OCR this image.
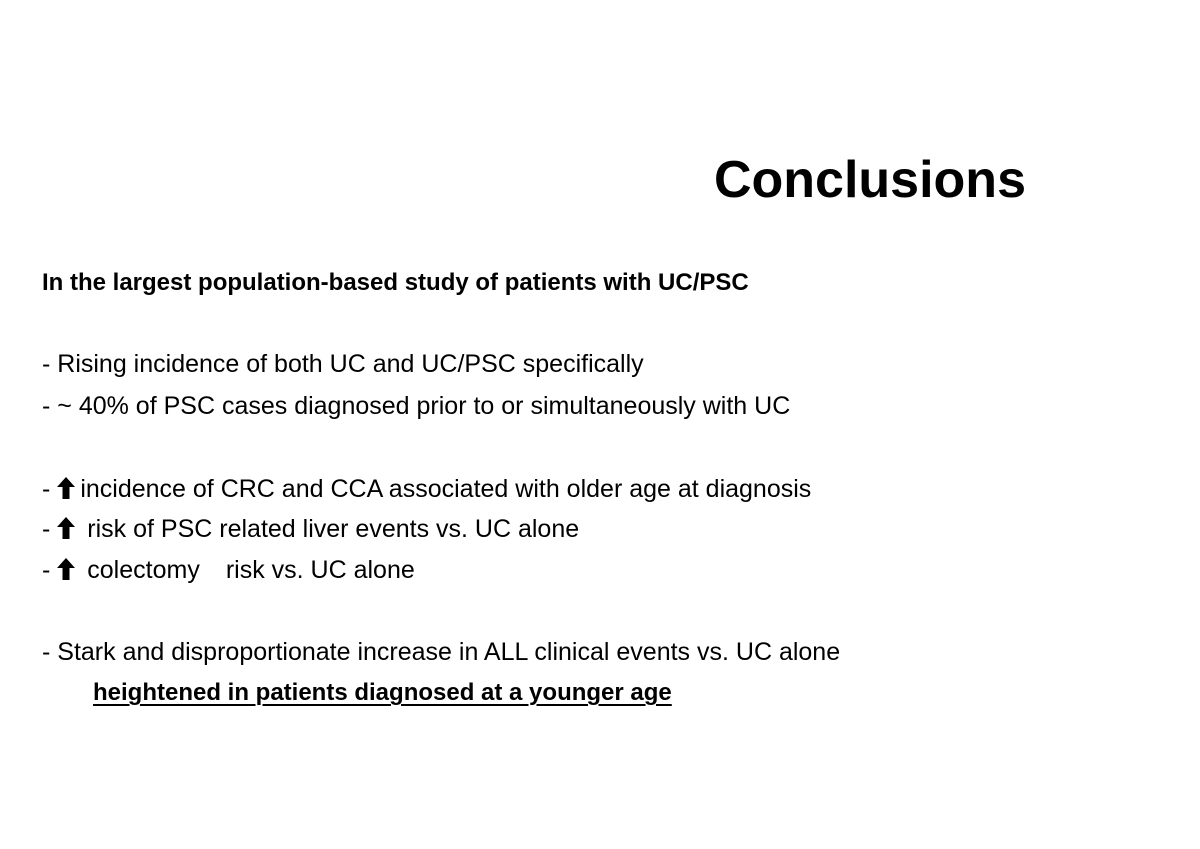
Conclusions
In the largest population-based study of patients with UC/PSC
- Rising incidence of both UC and UC/PSC specifically
- ~ 40% of PSC cases diagnosed prior to or simultaneously with UC
- incidence of CRC and CCA associated with older age at diagnosis
- risk of PSC related liver events vs. UC alone
- colectomy risk vs. UC alone
- Stark and disproportionate increase in ALL clinical events vs. UC alone
heightened in patients diagnosed at a younger age
